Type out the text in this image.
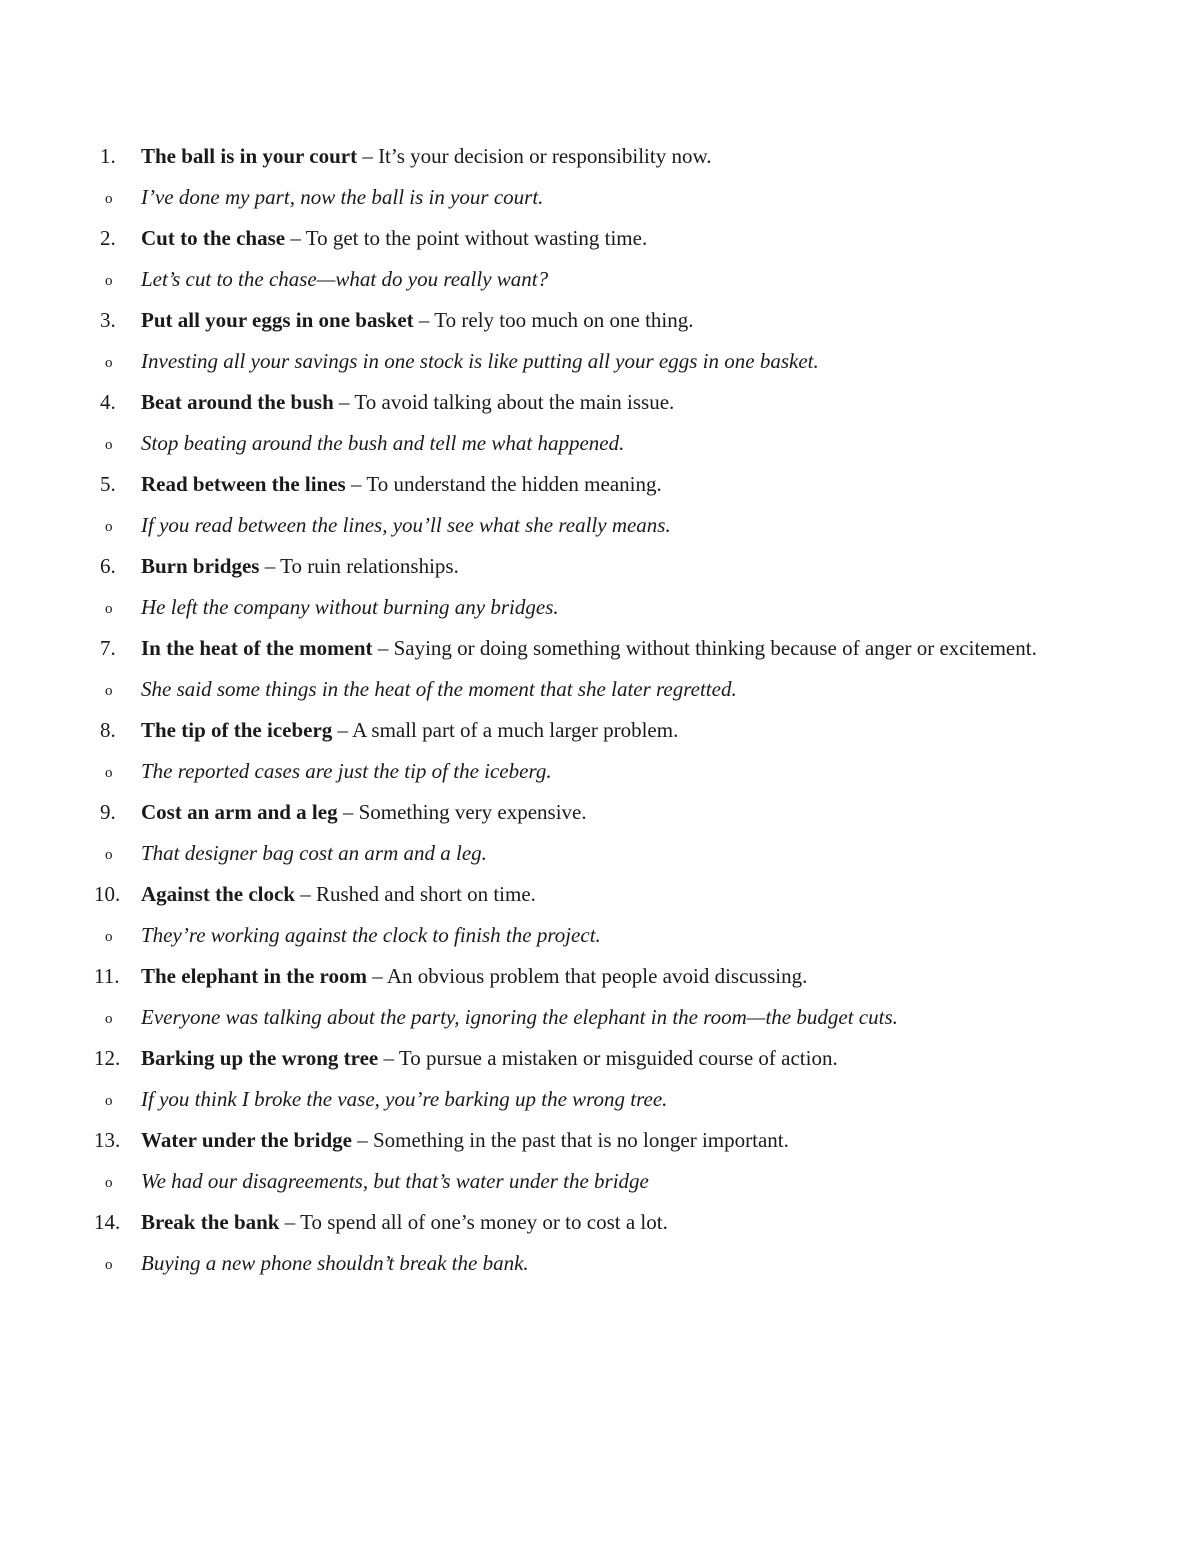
1.	The ball is in your court – It’s your decision or responsibility now.
o I’ve done my part, now the ball is in your court.
2.	Cut to the chase – To get to the point without wasting time.
o Let’s cut to the chase—what do you really want?
3.	Put all your eggs in one basket – To rely too much on one thing.
o Investing all your savings in one stock is like putting all your eggs in one basket.
4.	Beat around the bush – To avoid talking about the main issue.
o Stop beating around the bush and tell me what happened.
5.	Read between the lines – To understand the hidden meaning.
o If you read between the lines, you’ll see what she really means.
6.	Burn bridges – To ruin relationships.
o He left the company without burning any bridges.
7.	In the heat of the moment – Saying or doing something without thinking because of anger or excitement.
o She said some things in the heat of the moment that she later regretted.
8.	The tip of the iceberg – A small part of a much larger problem.
o The reported cases are just the tip of the iceberg.
9.	Cost an arm and a leg – Something very expensive.
o That designer bag cost an arm and a leg.
10. Against the clock – Rushed and short on time.
o They’re working against the clock to finish the project.
11.	The elephant in the room – An obvious problem that people avoid discussing.
o Everyone was talking about the party, ignoring the elephant in the room—the budget cuts.
12. Barking up the wrong tree – To pursue a mistaken or misguided course of action.
o If you think I broke the vase, you’re barking up the wrong tree.
13. Water under the bridge – Something in the past that is no longer important.
o We had our disagreements, but that’s water under the bridge
14. Break the bank – To spend all of one’s money or to cost a lot.
o Buying a new phone shouldn’t break the bank.
